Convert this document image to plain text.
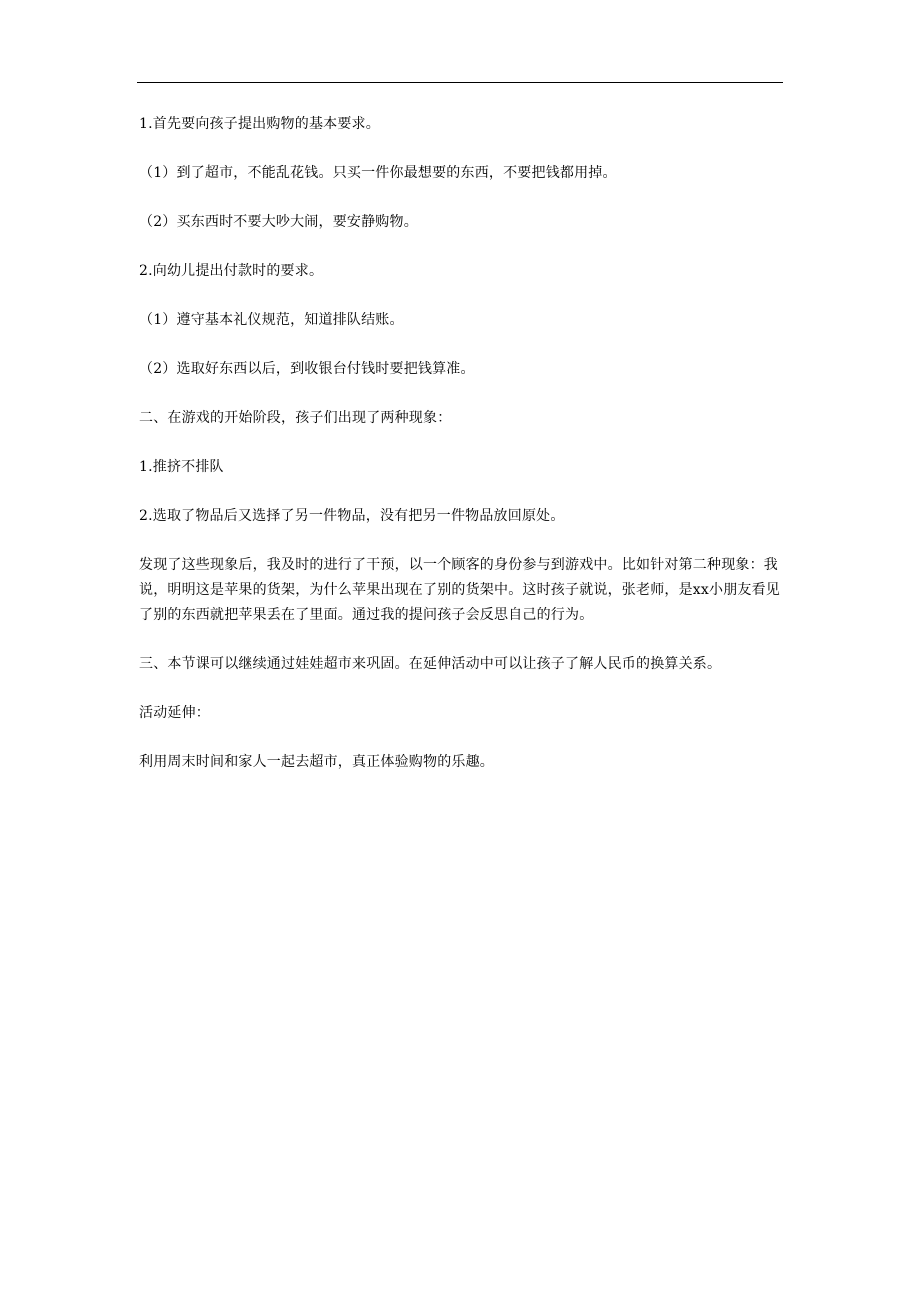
1.首先要向孩子提出购物的基本要求。

（1）到了超市，不能乱花钱。只买一件你最想要的东西，不要把钱都用掉。

（2）买东西时不要大吵大闹，要安静购物。

2.向幼儿提出付款时的要求。

（1）遵守基本礼仪规范，知道排队结账。

（2）选取好东西以后，到收银台付钱时要把钱算准。

二、在游戏的开始阶段，孩子们出现了两种现象：

1.推挤不排队

2.选取了物品后又选择了另一件物品，没有把另一件物品放回原处。

发现了这些现象后，我及时的进行了干预，以一个顾客的身份参与到游戏中。比如针对第二种现象：我说，明明这是苹果的货架，为什么苹果出现在了别的货架中。这时孩子就说，张老师，是xx小朋友看见了别的东西就把苹果丢在了里面。通过我的提问孩子会反思自己的行为。

三、本节课可以继续通过娃娃超市来巩固。在延伸活动中可以让孩子了解人民币的换算关系。

活动延伸：

利用周末时间和家人一起去超市，真正体验购物的乐趣。
